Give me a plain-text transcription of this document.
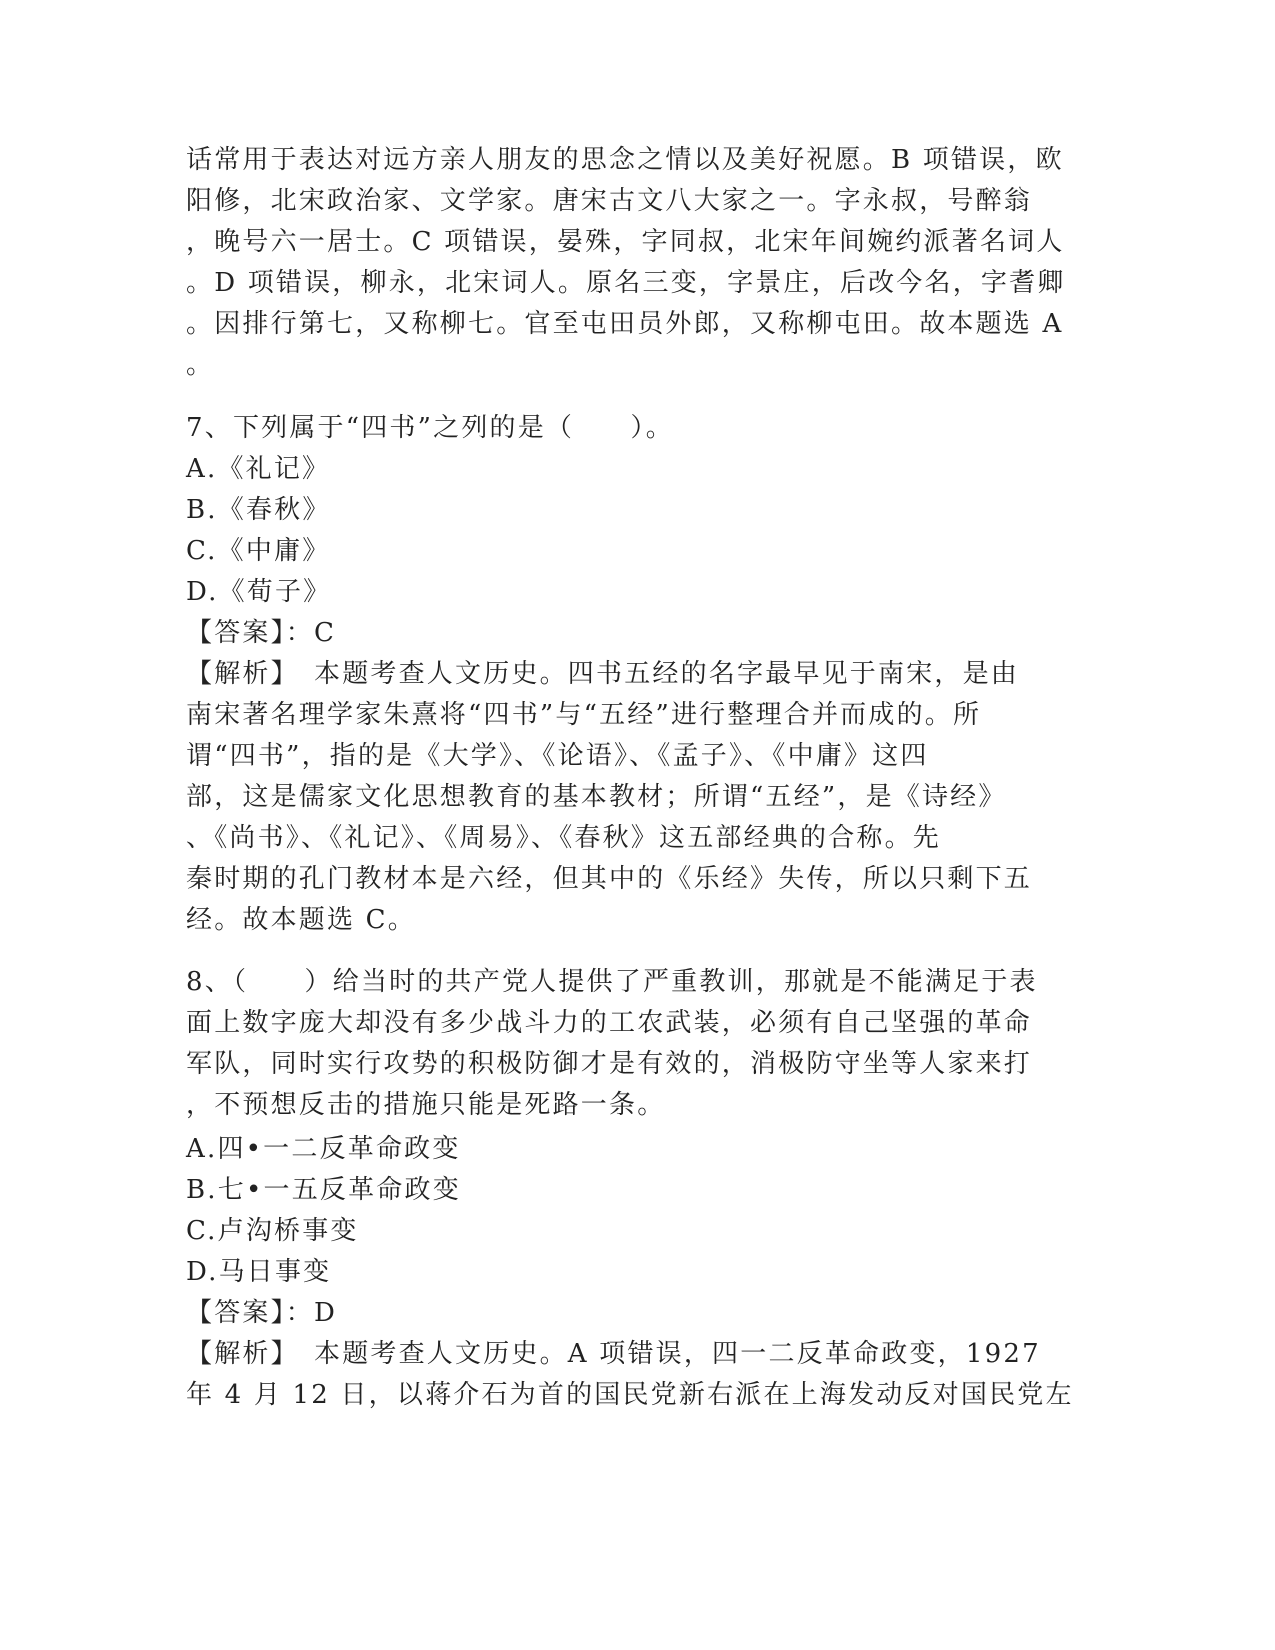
话常用于表达对远方亲人朋友的思念之情以及美好祝愿。B 项错误，欧

阳修，北宋政治家、文学家。唐宋古文八大家之一。字永叔，号醉翁

，晚号六一居士。C 项错误，晏殊，字同叔，北宋年间婉约派著名词人

。D 项错误，柳永，北宋词人。原名三变，字景庄，后改今名，字耆卿

。因排行第七，又称柳七。官至屯田员外郎，又称柳屯田。故本题选 A

。

7、下列属于“四书”之列的是（　　）。

A.《礼记》

B.《春秋》

C.《中庸》

D.《荀子》

【答案】：C

【解析】　本题考查人文历史。四书五经的名字最早见于南宋，是由

南宋著名理学家朱熹将“四书”与“五经”进行整理合并而成的。所

谓“四书”，指的是《大学》、《论语》、《孟子》、《中庸》这四

部，这是儒家文化思想教育的基本教材；所谓“五经”，是《诗经》

、《尚书》、《礼记》、《周易》、《春秋》这五部经典的合称。先

秦时期的孔门教材本是六经，但其中的《乐经》失传，所以只剩下五

经。故本题选 C。

8、（　　）给当时的共产党人提供了严重教训，那就是不能满足于表

面上数字庞大却没有多少战斗力的工农武装，必须有自己坚强的革命

军队，同时实行攻势的积极防御才是有效的，消极防守坐等人家来打

，不预想反击的措施只能是死路一条。

A.四•一二反革命政变

B.七•一五反革命政变

C.卢沟桥事变

D.马日事变

【答案】：D

【解析】　本题考查人文历史。A 项错误，四一二反革命政变，1927

年 4 月 12 日，以蒋介石为首的国民党新右派在上海发动反对国民党左
